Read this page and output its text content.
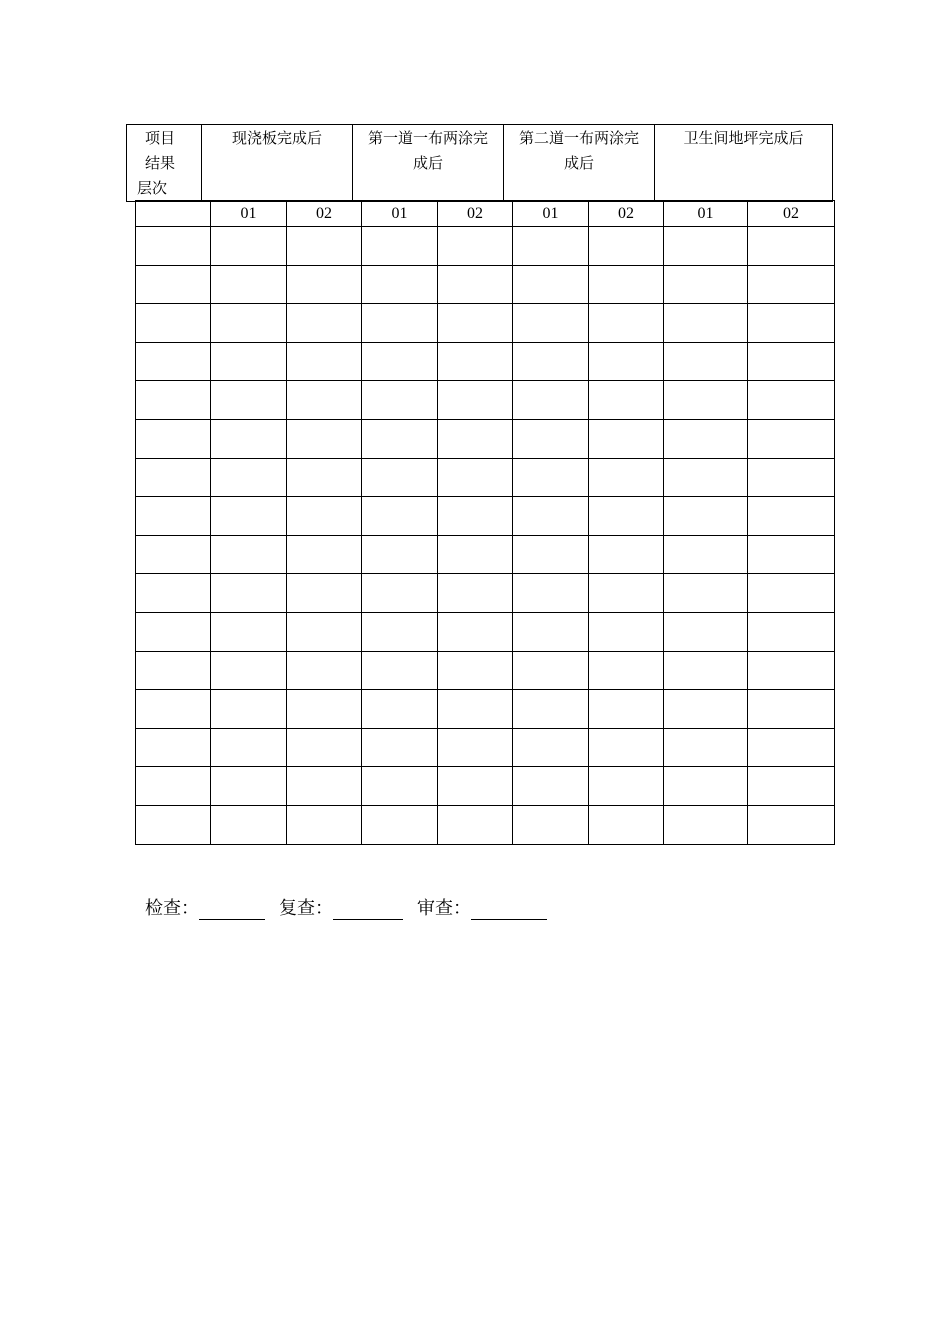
项目
结果
层次
	现浇板完成后	第一道一布两涂完成后	第二道一布两涂完成后	卫生间地坪完成后
	01	02	01	02	01	02	01	02

检查：	复查：	审查：
